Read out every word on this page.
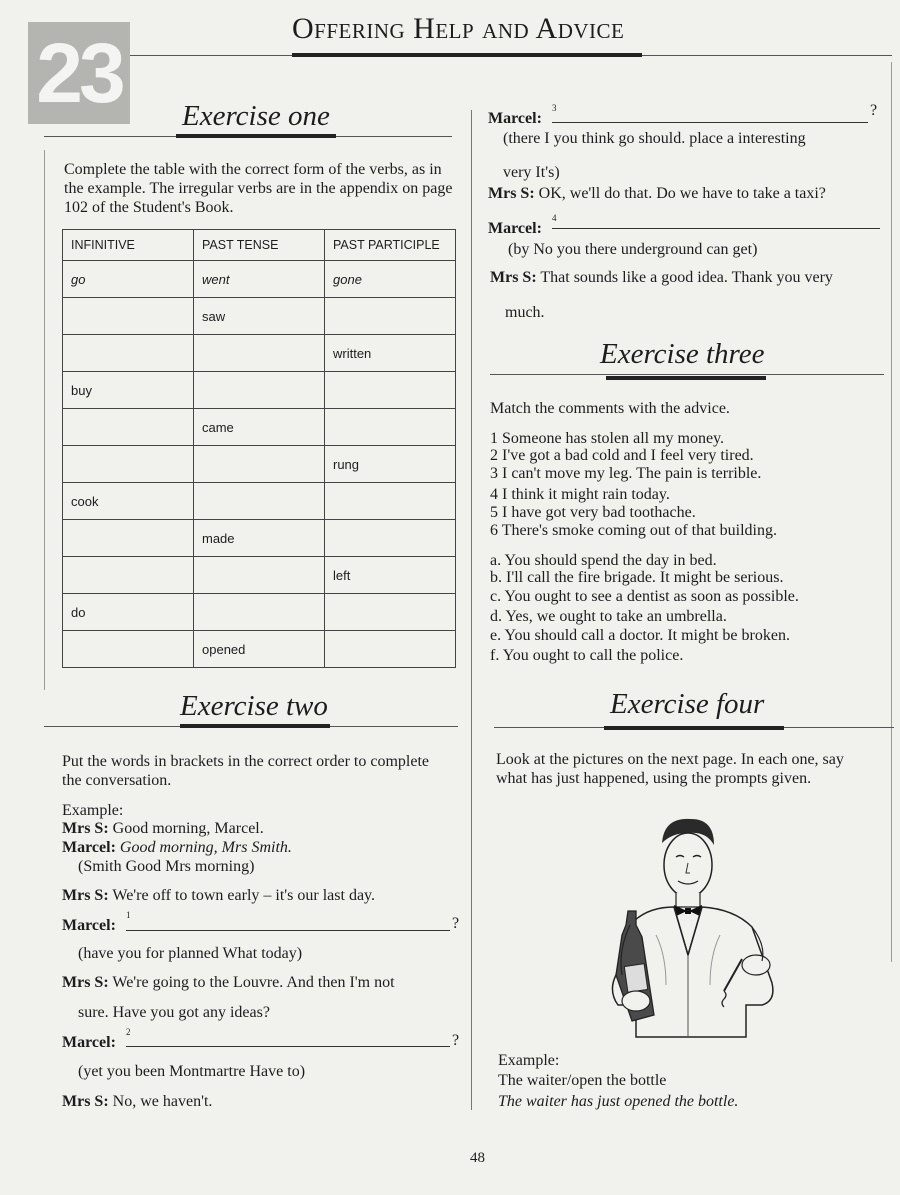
23	Offering Help and Advice
Exercise one
Complete the table with the correct form of the verbs, as in the example. The irregular verbs are in the appendix on page 102 of the Student's Book.
INFINITIVE	PAST TENSE	PAST PARTICIPLE
go	went	gone
	saw	
		written
buy		
	came	
		rung
cook		
	made	
		left
do		
	opened	
Exercise two
Put the words in brackets in the correct order to complete the conversation.
Example:
Mrs S: Good morning, Marcel.
Marcel: Good morning, Mrs Smith.
(Smith Good Mrs morning)
Mrs S: We're off to town early – it's our last day.
Marcel:
1	?
(have you for planned What today)
Mrs S: We're going to the Louvre. And then I'm not
sure. Have you got any ideas?
Marcel:
2	?
(yet you been Montmartre Have to)
Mrs S: No, we haven't.
Marcel:
3	?
(there I you think go should. place a interesting
very It's)
Mrs S: OK, we'll do that. Do we have to take a taxi?
Marcel:
4
(by No you there underground can get)
Mrs S: That sounds like a good idea. Thank you very
much.
Exercise three
Match the comments with the advice.
1 Someone has stolen all my money.
2 I've got a bad cold and I feel very tired.
3 I can't move my leg. The pain is terrible.
4 I think it might rain today.
5 I have got very bad toothache.
6 There's smoke coming out of that building.
a. You should spend the day in bed.
b. I'll call the fire brigade. It might be serious.
c. You ought to see a dentist as soon as possible.
d. Yes, we ought to take an umbrella.
e. You should call a doctor. It might be broken.
f. You ought to call the police.
Exercise four
Look at the pictures on the next page. In each one, say what has just happened, using the prompts given.
Example:
The waiter/open the bottle
The waiter has just opened the bottle.
48
